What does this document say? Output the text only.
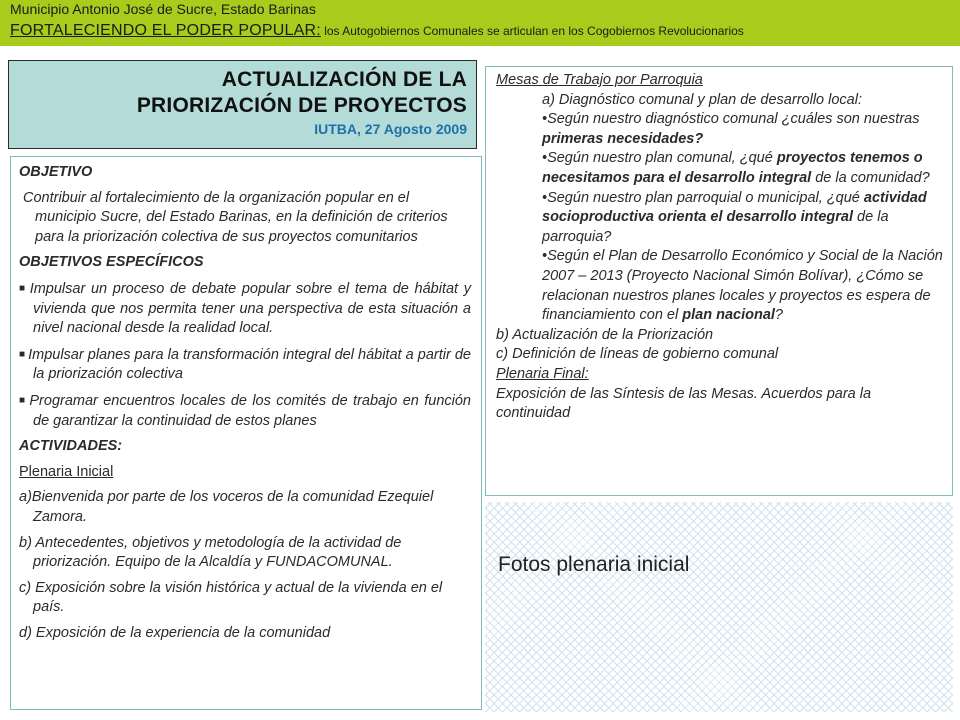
Municipio Antonio José de Sucre, Estado Barinas
FORTALECIENDO EL PODER POPULAR: los Autogobiernos Comunales se articulan en los Cogobiernos Revolucionarios
ACTUALIZACIÓN DE LA
PRIORIZACIÓN DE PROYECTOS
IUTBA, 27 Agosto 2009
OBJETIVO
Contribuir al fortalecimiento de la organización popular en el municipio Sucre, del Estado Barinas, en la definición de criterios para la priorización colectiva de sus proyectos comunitarios
OBJETIVOS ESPECÍFICOS
■ Impulsar un proceso de debate popular sobre el tema de hábitat y vivienda que nos permita tener una perspectiva de esta situación a nivel nacional desde la realidad local.
■ Impulsar planes para la transformación integral del hábitat a partir de la priorización colectiva
■ Programar encuentros locales de los comités de trabajo en función de garantizar la continuidad de estos planes
ACTIVIDADES:
Plenaria Inicial
a)Bienvenida por parte de los voceros de la comunidad Ezequiel Zamora.
b) Antecedentes, objetivos y metodología de la actividad de priorización. Equipo de la Alcaldía y FUNDACOMUNAL.
c) Exposición sobre la visión histórica y actual de la vivienda en el país.
d) Exposición de la experiencia de la comunidad
Mesas de Trabajo por Parroquia
a) Diagnóstico comunal y plan de desarrollo local:
•Según nuestro diagnóstico comunal ¿cuáles son nuestras primeras necesidades?
•Según nuestro plan comunal, ¿qué proyectos tenemos o necesitamos para el desarrollo integral de la comunidad?
•Según nuestro plan parroquial o municipal, ¿qué actividad socioproductiva orienta el desarrollo integral de la parroquia?
•Según el Plan de Desarrollo Económico y Social de la Nación 2007 – 2013 (Proyecto Nacional Simón Bolívar), ¿Cómo se relacionan nuestros planes locales y proyectos es espera de financiamiento con el plan nacional?
b) Actualización de la Priorización
c) Definición de líneas de gobierno comunal
Plenaria Final:
Exposición de las Síntesis de las Mesas. Acuerdos para la continuidad
Fotos plenaria inicial
